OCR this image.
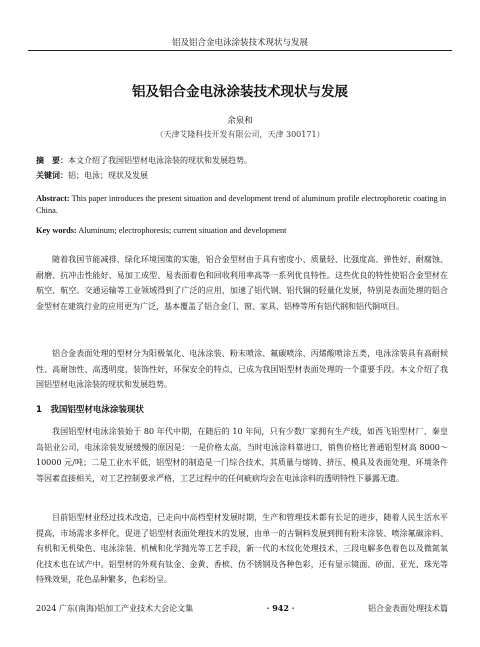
铝及铝合金电泳涂装技术现状与发展
铝及铝合金电泳涂装技术现状与发展
余泉和
（天津艾隆科技开发有限公司，天津 300171）
摘　要：本文介绍了我国铝型材电泳涂装的现状和发展趋势。
关键词：铝；电泳；现状及发展
Abstract: This paper introduces the present situation and development trend of aluminum profile electrophoretic coating in China.
Key words: Aluminum; electrophoresis; current situation and development
随着我国节能减排、绿化环境国策的实施，铝合金型材由于具有密度小、质量轻、比强度高、弹性好、耐腐蚀、耐磨、抗冲击性能好、易加工成型、易表面着色和回收利用率高等一系列优良特性。这些优良的特性使铝合金型材在航空、航空、交通运输等工业领域得到了广泛的应用，加速了铝代钢、铝代铜的轻量化发展，特别是表面处理的铝合金型材在建筑行业的应用更为广泛，基本覆盖了铝合金门、窗、家具、铝棒等所有铝代钢和铝代铜项目。
铝合金表面处理的型材分为阳极氧化、电泳涂装、粉末喷涂、氟碳喷涂、丙烯酸喷涂五类，电泳涂装具有高耐候性、高耐蚀性、高透明度，装饰性好，环保安全的特点，已成为我国铝型材表面处理的一个重要手段。本文介绍了我国铝型材电泳涂装的现状和发展趋势。
1　我国铝型材电泳涂装现状
我国铝型材电泳涂装始于 80 年代中期，在随后的 10 年间，只有少数厂家拥有生产线，如西飞铝型材厂、秦皇岛铝业公司，电泳涂装发展缓慢的原因是：一是价格太高，当时电泳涂料靠进口，销售价格比普通铝型材高 8000～10000 元/吨；二是工业水平低，铝型材的制造是一门综合技术，其质量与熔铸、挤压、模具及表面处理、环境条件等因素直接相关，对工艺控制要求严格，工艺过程中的任何疵病均会在电泳涂料的透明特性下暴露无遗。
目前铝型材业经过技术改造，已走向中高档型材发展时期，生产和管理技术都有长足的进步，随着人民生活水平提高，市场需求多样化，促进了铝型材表面处理技术的发展，由单一的古铜料发展到拥有粉末涂装、喷涂氟碳涂料、有机和无机染色、电泳涂装、机械和化学抛光等工艺手段，新一代的木纹化处理技术，三段电解多色着色以及微氮氧化技术也在试产中。铝型材的外观有钛金、金黄、香槟、仿不锈钢及各种色彩，还有显示镜面、砂面、亚光、珠光等特殊效果，花色品种繁多，色彩纷呈。
2024 广东(南海)铝加工产业技术大会论文集	· 942 ·	铝合金表面处理技术篇
